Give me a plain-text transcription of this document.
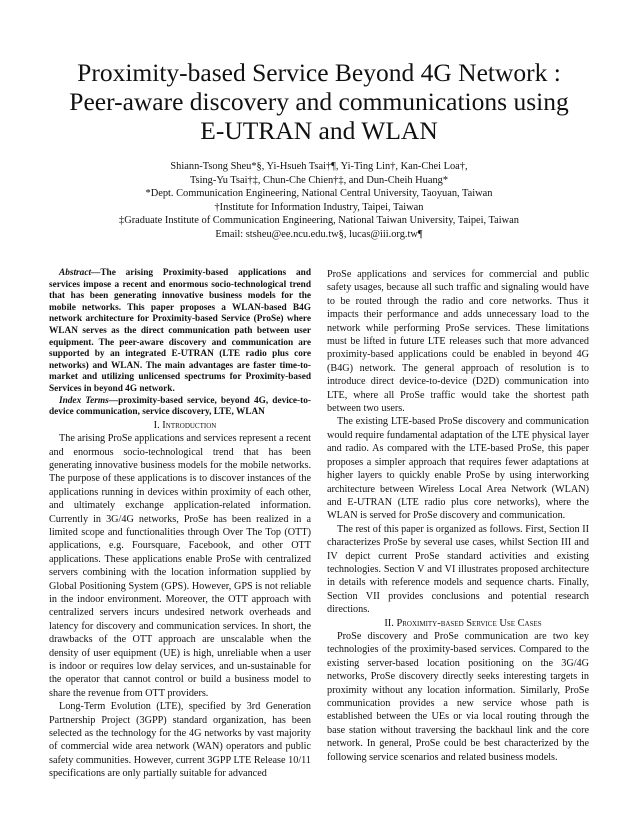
Proximity-based Service Beyond 4G Network :
Peer-aware discovery and communications using
E-UTRAN and WLAN
Shiann-Tsong Sheu*§, Yi-Hsueh Tsai†¶, Yi-Ting Lin†, Kan-Chei Loa†,
Tsing-Yu Tsai†‡, Chun-Che Chien†‡, and Dun-Cheih Huang*
*Dept. Communication Engineering, National Central University, Taoyuan, Taiwan
†Institute for Information Industry, Taipei, Taiwan
‡Graduate Institute of Communication Engineering, National Taiwan University, Taipei, Taiwan
Email: stsheu@ee.ncu.edu.tw§, lucas@iii.org.tw¶

Abstract—The arising Proximity-based applications and services impose a recent and enormous socio-technological trend that has been generating innovative business models for the mobile networks. This paper proposes a WLAN-based B4G network architecture for Proximity-based Service (ProSe) where WLAN serves as the direct communication path between user equipment. The peer-aware discovery and communication are supported by an integrated E-UTRAN (LTE radio plus core networks) and WLAN. The main advantages are faster time-to-market and utilizing unlicensed spectrums for Proximity-based Services in beyond 4G network.

Index Terms—proximity-based service, beyond 4G, device-to-device communication, service discovery, LTE, WLAN

I. Introduction

The arising ProSe applications and services represent a recent and enormous socio-technological trend that has been generating innovative business models for the mobile networks. The purpose of these applications is to discover instances of the applications running in devices within proximity of each other, and ultimately exchange application-related information. Currently in 3G/4G networks, ProSe has been realized in a limited scope and functionalities through Over The Top (OTT) applications, e.g. Foursquare, Facebook, and other OTT applications. These applications enable ProSe with centralized servers combining with the location information supplied by Global Positioning System (GPS). However, GPS is not reliable in the indoor environment. Moreover, the OTT approach with centralized servers incurs undesired network overheads and latency for discovery and communication services. In short, the drawbacks of the OTT approach are unscalable when the density of user equipment (UE) is high, unreliable when a user is indoor or requires low delay services, and un-sustainable for the operator that cannot control or build a business model to share the revenue from OTT providers.

Long-Term Evolution (LTE), specified by 3rd Generation Partnership Project (3GPP) standard organization, has been selected as the technology for the 4G networks by vast majority of commercial wide area network (WAN) operators and public safety communities. However, current 3GPP LTE Release 10/11 specifications are only partially suitable for advanced

ProSe applications and services for commercial and public safety usages, because all such traffic and signaling would have to be routed through the radio and core networks. Thus it impacts their performance and adds unnecessary load to the network while performing ProSe services. These limitations must be lifted in future LTE releases such that more advanced proximity-based applications could be enabled in beyond 4G (B4G) network. The general approach of resolution is to introduce direct device-to-device (D2D) communication into LTE, where all ProSe traffic would take the shortest path between two users.

The existing LTE-based ProSe discovery and communication would require fundamental adaptation of the LTE physical layer and radio. As compared with the LTE-based ProSe, this paper proposes a simpler approach that requires fewer adaptations at higher layers to quickly enable ProSe by using interworking architecture between Wireless Local Area Network (WLAN) and E-UTRAN (LTE radio plus core networks), where the WLAN is served for ProSe discovery and communication.

The rest of this paper is organized as follows. First, Section II characterizes ProSe by several use cases, whilst Section III and IV depict current ProSe standard activities and existing technologies. Section V and VI illustrates proposed architecture in details with reference models and sequence charts. Finally, Section VII provides conclusions and potential research directions.

II. Proximity-based Service Use Cases

ProSe discovery and ProSe communication are two key technologies of the proximity-based services. Compared to the existing server-based location positioning on the 3G/4G networks, ProSe discovery directly seeks interesting targets in proximity without any location information. Similarly, ProSe communication provides a new service whose path is established between the UEs or via local routing through the base station without traversing the backhaul link and the core network. In general, ProSe could be best characterized by the following service scenarios and related business models.
